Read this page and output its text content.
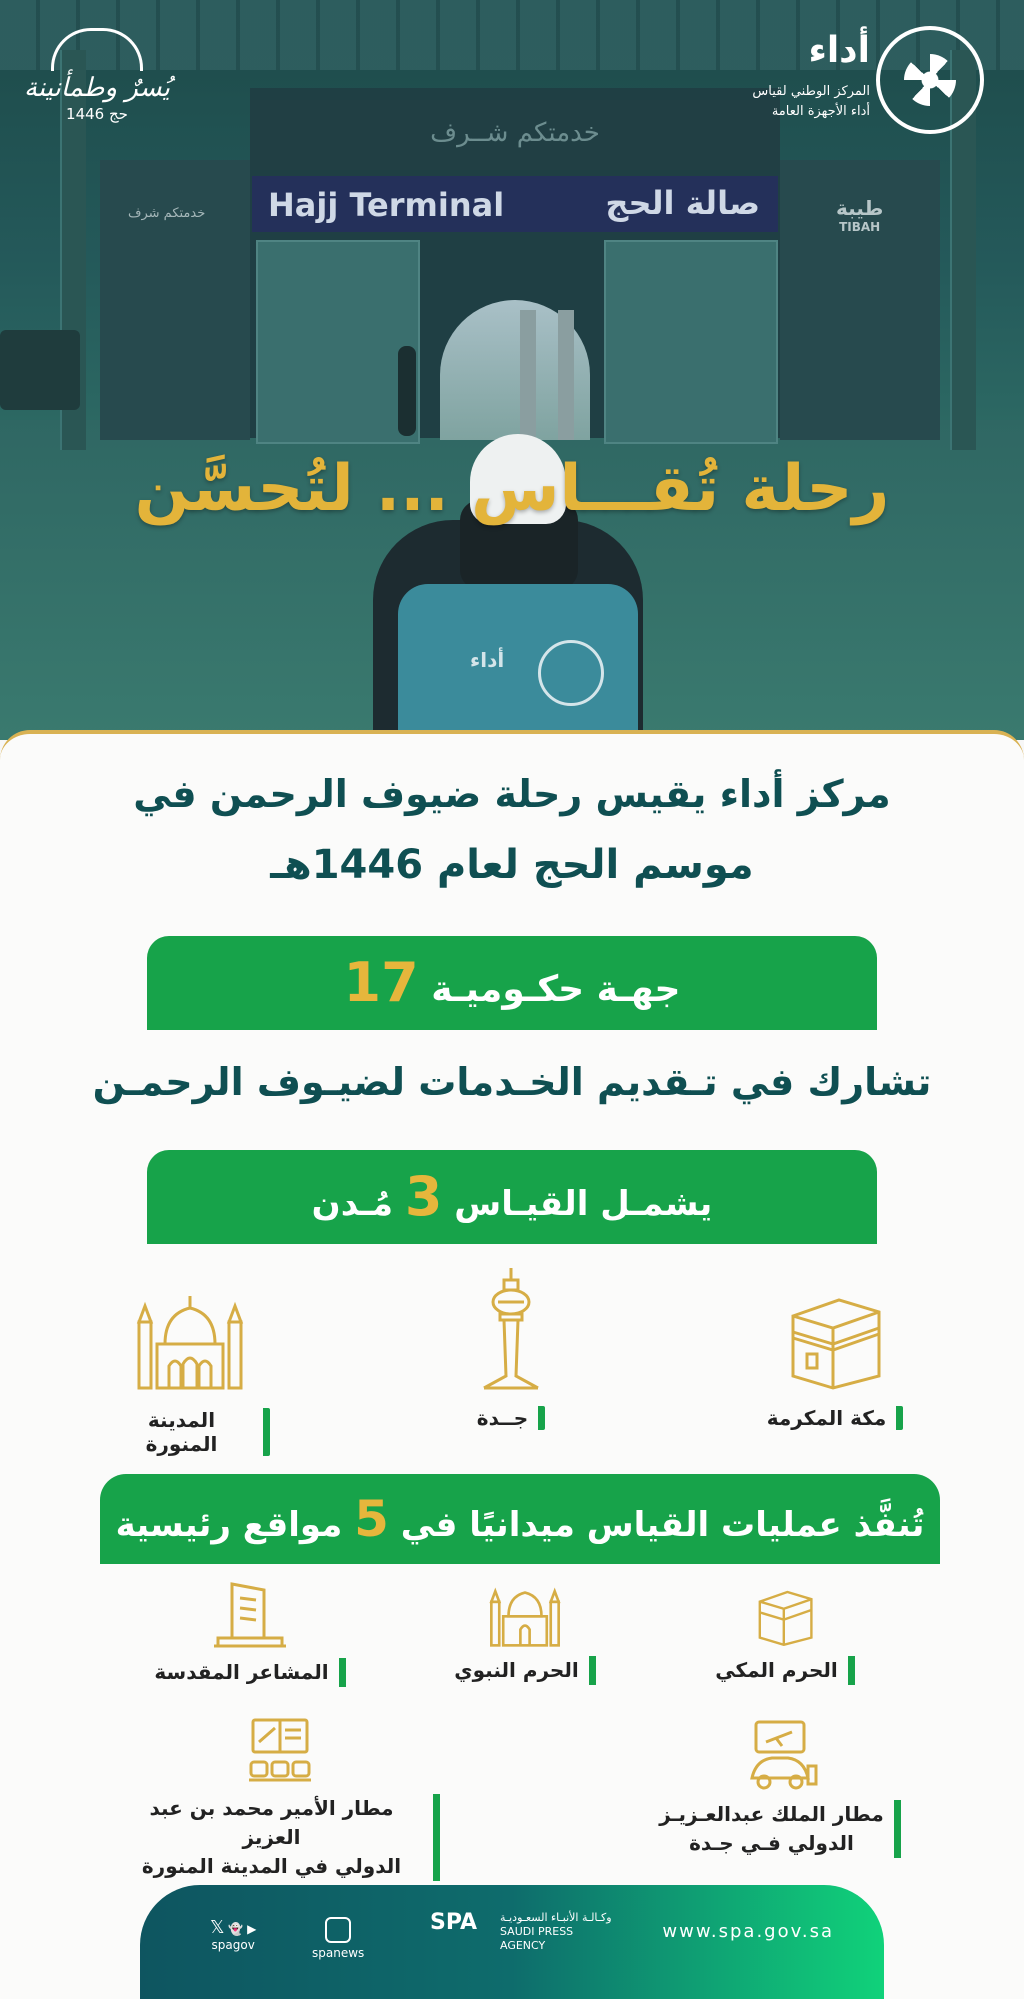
خدمتكم شــرف
Hajj Terminal	صالة الحج	طيبة
TIBAH
خدمتكم شرف
أداء
رحلة تُقـــاس ... لتُحسَّن
يُسرٌ وطمأنينة
حج 1446
أداء
المركز الوطني لقياس
أداء الأجهزة العامة
مركز أداء يقيس رحلة ضيوف الرحمن في
موسم الحج لعام 1446هـ
17 جهـة حكـوميـة
تشارك في تـقديم الخـدمات لضيـوف الرحمـن
يشمـل القيـاس 3 مُـدن
مكة المكرمة
جــدة
المدينة المنورة
تُنفَّذ عمليات القياس ميدانيًا في 5 مواقع رئيسية
الحرم المكي
الحرم النبوي
المشاعر المقدسة
مطار الملك عبدالعـزيـز
الدولي فـي جـدة
مطار الأمير محمد بن عبد العزيز
الدولي في المدينة المنورة
𝕏 👻 ▶
spagov
spanews
SPA	وكـالـة الأنبـاء السعـوديـة
SAUDI PRESS
AGENCY
www.spa.gov.sa
